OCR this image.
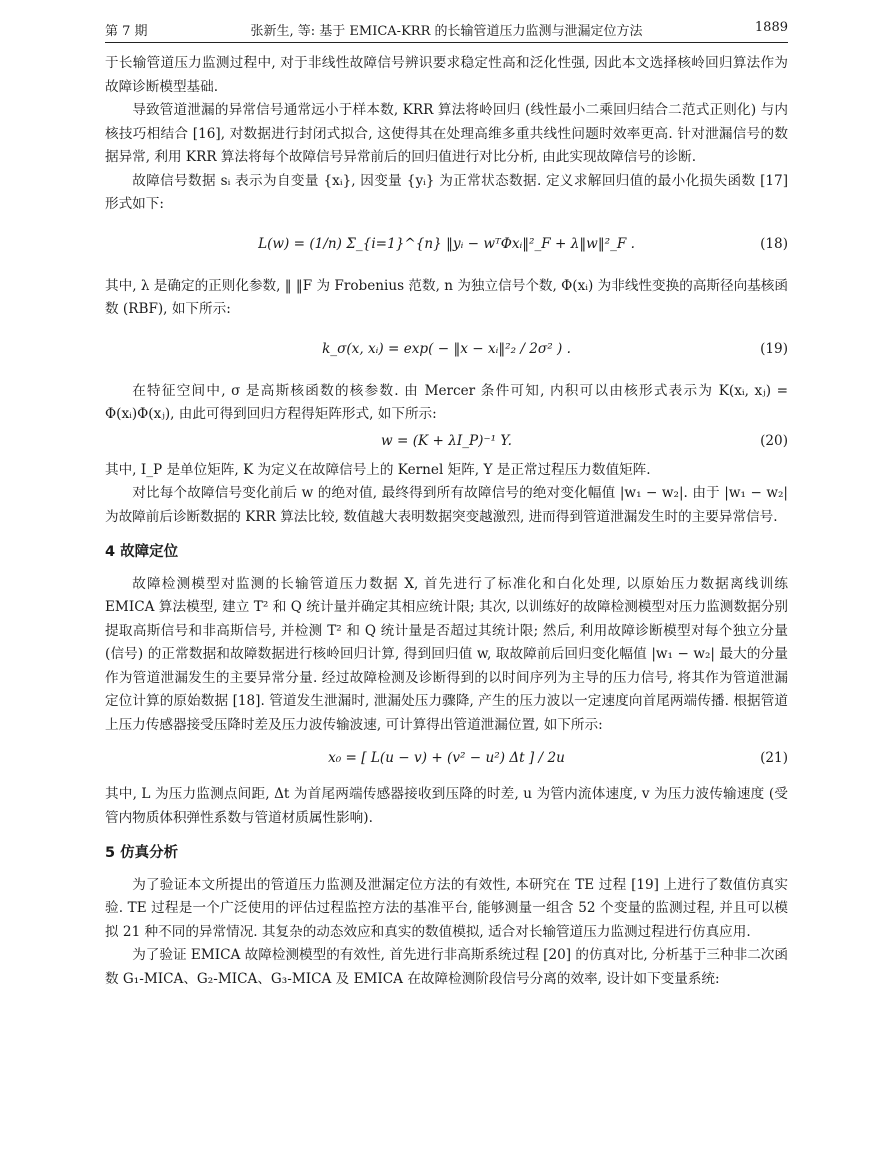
第 7 期	张新生, 等: 基于 EMICA-KRR 的长输管道压力监测与泄漏定位方法	1889

于长输管道压力监测过程中, 对于非线性故障信号辨识要求稳定性高和泛化性强, 因此本文选择核岭回归算法作为故障诊断模型基础.

导致管道泄漏的异常信号通常远小于样本数, KRR 算法将岭回归 (线性最小二乘回归结合二范式正则化) 与内核技巧相结合 [16], 对数据进行封闭式拟合, 这使得其在处理高维多重共线性问题时效率更高. 针对泄漏信号的数据异常, 利用 KRR 算法将每个故障信号异常前后的回归值进行对比分析, 由此实现故障信号的诊断.

故障信号数据 sᵢ 表示为自变量 {xᵢ}, 因变量 {yᵢ} 为正常状态数据. 定义求解回归值的最小化损失函数 [17] 形式如下:

L(w) = (1/n) Σ_{i=1}^{n} ‖yᵢ − wᵀΦxᵢ‖²_F + λ‖w‖²_F .	(18)

其中, λ 是确定的正则化参数, ‖ ‖F 为 Frobenius 范数, n 为独立信号个数, Φ(xᵢ) 为非线性变换的高斯径向基核函数 (RBF), 如下所示:

k_σ(x, xᵢ) = exp( − ‖x − xᵢ‖²₂ / 2σ² ) .	(19)

在特征空间中, σ 是高斯核函数的核参数. 由 Mercer 条件可知, 内积可以由核形式表示为 K(xᵢ, xⱼ) = Φ(xᵢ)Φ(xⱼ), 由此可得到回归方程得矩阵形式, 如下所示:

w = (K + λI_P)⁻¹ Y.	(20)

其中, I_P 是单位矩阵, K 为定义在故障信号上的 Kernel 矩阵, Y 是正常过程压力数值矩阵.

对比每个故障信号变化前后 w 的绝对值, 最终得到所有故障信号的绝对变化幅值 |w₁ − w₂|. 由于 |w₁ − w₂| 为故障前后诊断数据的 KRR 算法比较, 数值越大表明数据突变越激烈, 进而得到管道泄漏发生时的主要异常信号.

4 故障定位

故障检测模型对监测的长输管道压力数据 X, 首先进行了标准化和白化处理, 以原始压力数据离线训练 EMICA 算法模型, 建立 T² 和 Q 统计量并确定其相应统计限; 其次, 以训练好的故障检测模型对压力监测数据分别提取高斯信号和非高斯信号, 并检测 T² 和 Q 统计量是否超过其统计限; 然后, 利用故障诊断模型对每个独立分量 (信号) 的正常数据和故障数据进行核岭回归计算, 得到回归值 w, 取故障前后回归变化幅值 |w₁ − w₂| 最大的分量作为管道泄漏发生的主要异常分量. 经过故障检测及诊断得到的以时间序列为主导的压力信号, 将其作为管道泄漏定位计算的原始数据 [18]. 管道发生泄漏时, 泄漏处压力骤降, 产生的压力波以一定速度向首尾两端传播. 根据管道上压力传感器接受压降时差及压力波传输波速, 可计算得出管道泄漏位置, 如下所示:

x₀ = [ L(u − v) + (v² − u²) Δt ] / 2u	(21)

其中, L 为压力监测点间距, Δt 为首尾两端传感器接收到压降的时差, u 为管内流体速度, v 为压力波传输速度 (受管内物质体积弹性系数与管道材质属性影响).

5 仿真分析

为了验证本文所提出的管道压力监测及泄漏定位方法的有效性, 本研究在 TE 过程 [19] 上进行了数值仿真实验. TE 过程是一个广泛使用的评估过程监控方法的基准平台, 能够测量一组含 52 个变量的监测过程, 并且可以模拟 21 种不同的异常情况. 其复杂的动态效应和真实的数值模拟, 适合对长输管道压力监测过程进行仿真应用.

为了验证 EMICA 故障检测模型的有效性, 首先进行非高斯系统过程 [20] 的仿真对比, 分析基于三种非二次函数 G₁-MICA、G₂-MICA、G₃-MICA 及 EMICA 在故障检测阶段信号分离的效率, 设计如下变量系统:
